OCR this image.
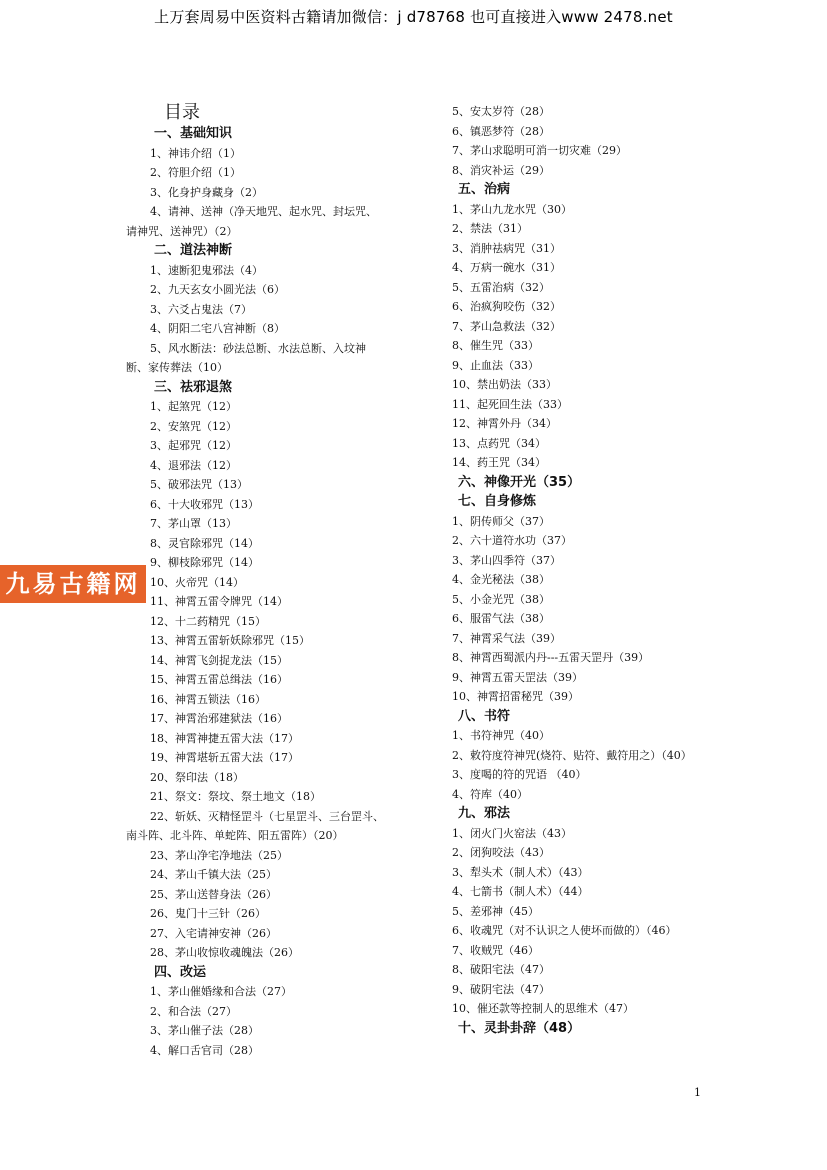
上万套周易中医资料古籍请加微信：j d78768 也可直接进入www 2478.net
目录
一、基础知识
1、神讳介绍（1）
2、符胆介绍（1）
3、化身护身藏身（2）
4、请神、送神（净天地咒、起水咒、封坛咒、
请神咒、送神咒）（2）
二、道法神断
1、速断犯鬼邪法（4）
2、九天玄女小圆光法（6）
3、六爻占鬼法（7）
4、阴阳二宅八宫神断（8）
5、风水断法：砂法总断、水法总断、入坟神
断、家传葬法（10）
三、祛邪退煞
1、起煞咒（12）
2、安煞咒（12）
3、起邪咒（12）
4、退邪法（12）
5、破邪法咒（13）
6、十大收邪咒（13）
7、茅山罩（13）
8、灵官除邪咒（14）
9、柳枝除邪咒（14）
10、火帝咒（14）
11、神霄五雷令牌咒（14）
12、十二药精咒（15）
13、神霄五雷斩妖除邪咒（15）
14、神霄飞剑捉龙法（15）
15、神霄五雷总缉法（16）
16、神霄五锁法（16）
17、神霄治邪建狱法（16）
18、神霄神捷五雷大法（17）
19、神霄堪斩五雷大法（17）
20、祭印法（18）
21、祭文：祭坟、祭土地文（18）
22、斩妖、灭精怪罡斗（七星罡斗、三台罡斗、
南斗阵、北斗阵、单蛇阵、阳五雷阵）（20）
23、茅山净宅净地法（25）
24、茅山千镇大法（25）
25、茅山送替身法（26）
26、鬼门十三针（26）
27、入宅请神安神（26）
28、茅山收惊收魂魄法（26）
四、改运
1、茅山催婚缘和合法（27）
2、和合法（27）
3、茅山催子法（28）
4、解口舌官司（28）
5、安太岁符（28）
6、镇恶梦符（28）
7、茅山求聪明可消一切灾难（29）
8、消灾补运（29）
五、治病
1、茅山九龙水咒（30）
2、禁法（31）
3、消肿祛病咒（31）
4、万病一碗水（31）
5、五雷治病（32）
6、治疯狗咬伤（32）
7、茅山急救法（32）
8、催生咒（33）
9、止血法（33）
10、禁出奶法（33）
11、起死回生法（33）
12、神霄外丹（34）
13、点药咒（34）
14、药王咒（34）
六、神像开光（35）
七、自身修炼
1、阴传师父（37）
2、六十道符水功（37）
3、茅山四季符（37）
4、金光秘法（38）
5、小金光咒（38）
6、服雷气法（38）
7、神霄采气法（39）
8、神霄西蜀派内丹---五雷天罡丹（39）
9、神霄五雷天罡法（39）
10、神霄招雷秘咒（39）
八、书符
1、书符神咒（40）
2、敕符度符神咒(烧符、贴符、戴符用之）（40）
3、度喝的符的咒语 （40）
4、符库（40）
九、邪法
1、闭火门火窑法（43）
2、闭狗咬法（43）
3、犁头术（制人术）（43）
4、七箭书（制人术）（44）
5、差邪神（45）
6、收魂咒（对不认识之人使坏而做的）（46）
7、收贼咒（46）
8、破阳宅法（47）
9、破阴宅法（47）
10、催还款等控制人的思维术（47）
十、灵卦卦辞（48）
九易古籍网
1
